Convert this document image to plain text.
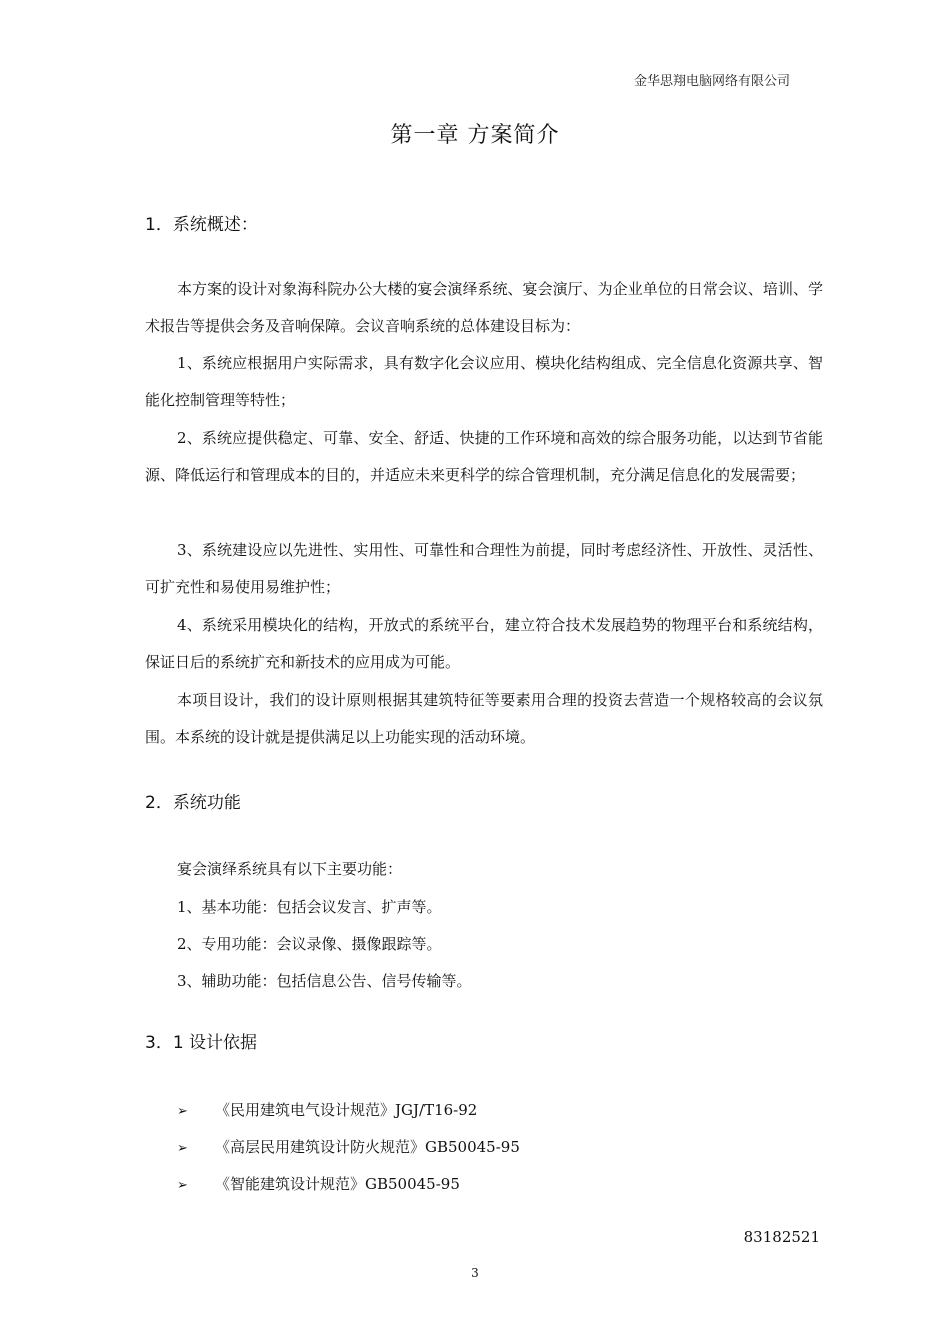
金华思翔电脑网络有限公司
第一章 方案简介
1．系统概述：

本方案的设计对象海科院办公大楼的宴会演绎系统、宴会演厅、为企业单位的日常会议、培训、学术报告等提供会务及音响保障。会议音响系统的总体建设目标为：

1、系统应根据用户实际需求，具有数字化会议应用、模块化结构组成、完全信息化资源共享、智能化控制管理等特性；

2、系统应提供稳定、可靠、安全、舒适、快捷的工作环境和高效的综合服务功能，以达到节省能源、降低运行和管理成本的目的，并适应未来更科学的综合管理机制，充分满足信息化的发展需要；

3、系统建设应以先进性、实用性、可靠性和合理性为前提，同时考虑经济性、开放性、灵活性、可扩充性和易使用易维护性；

4、系统采用模块化的结构，开放式的系统平台，建立符合技术发展趋势的物理平台和系统结构，保证日后的系统扩充和新技术的应用成为可能。

本项目设计，我们的设计原则根据其建筑特征等要素用合理的投资去营造一个规格较高的会议氛围。本系统的设计就是提供满足以上功能实现的活动环境。

2．系统功能
宴会演绎系统具有以下主要功能：
1、基本功能：包括会议发言、扩声等。
2、专用功能：会议录像、摄像跟踪等。
3、辅助功能：包括信息公告、信号传输等。
3．1 设计依据
➢ 《民用建筑电气设计规范》JGJ/T16-92
➢ 《高层民用建筑设计防火规范》GB50045-95
➢ 《智能建筑设计规范》GB50045-95
83182521
3
